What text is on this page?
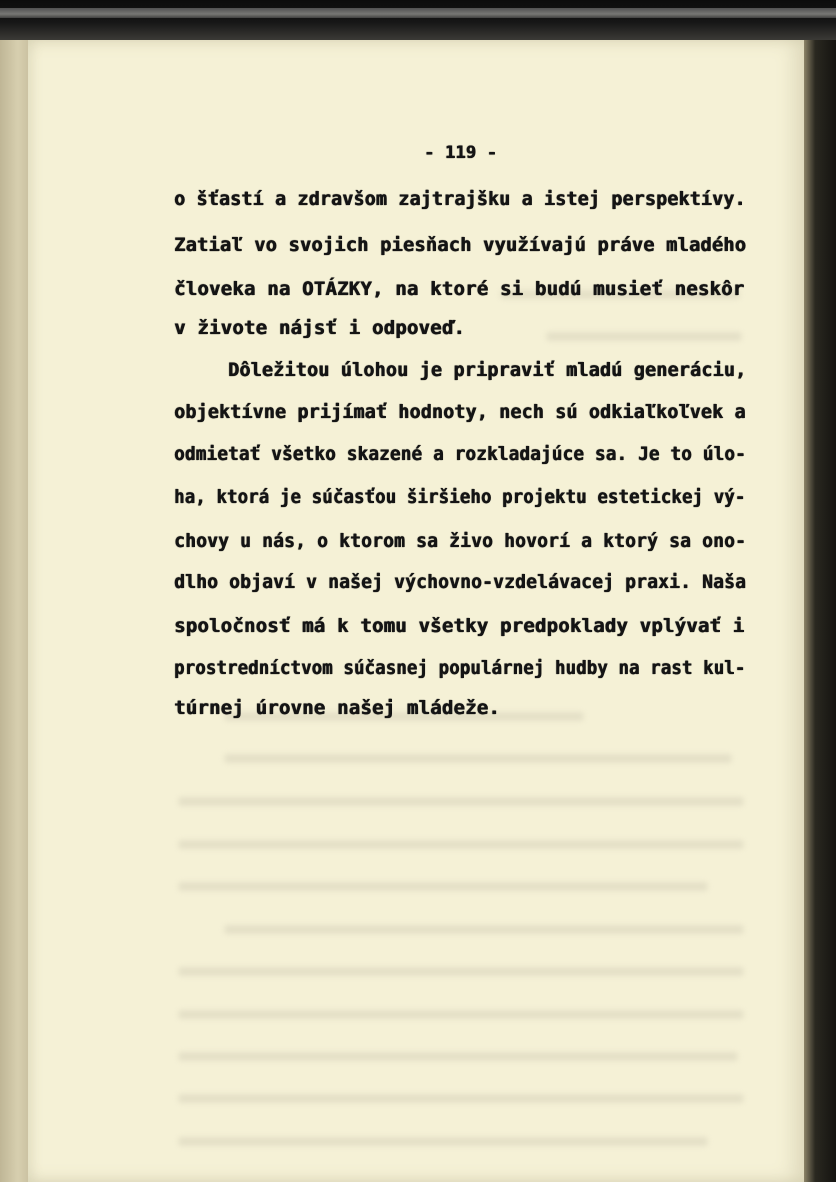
- 119 -
o šťastí a zdravšom zajtrajšku a istej perspektívy.
Zatiaľ vo svojich piesňach využívajú práve mladého
človeka na OTÁZKY, na ktoré si budú musieť neskôr
v živote nájsť i odpoveď.
Dôležitou úlohou je pripraviť mladú generáciu,
objektívne prijímať hodnoty, nech sú odkiaľkoľvek a
odmietať všetko skazené a rozkladajúce sa. Je to úlo-
ha, ktorá je súčasťou širšieho projektu estetickej vý-
chovy u nás, o ktorom sa živo hovorí a ktorý sa ono-
dlho objaví v našej výchovno-vzdelávacej praxi. Naša
spoločnosť má k tomu všetky predpoklady vplývať i
prostredníctvom súčasnej populárnej hudby na rast kul-
túrnej úrovne našej mládeže.
